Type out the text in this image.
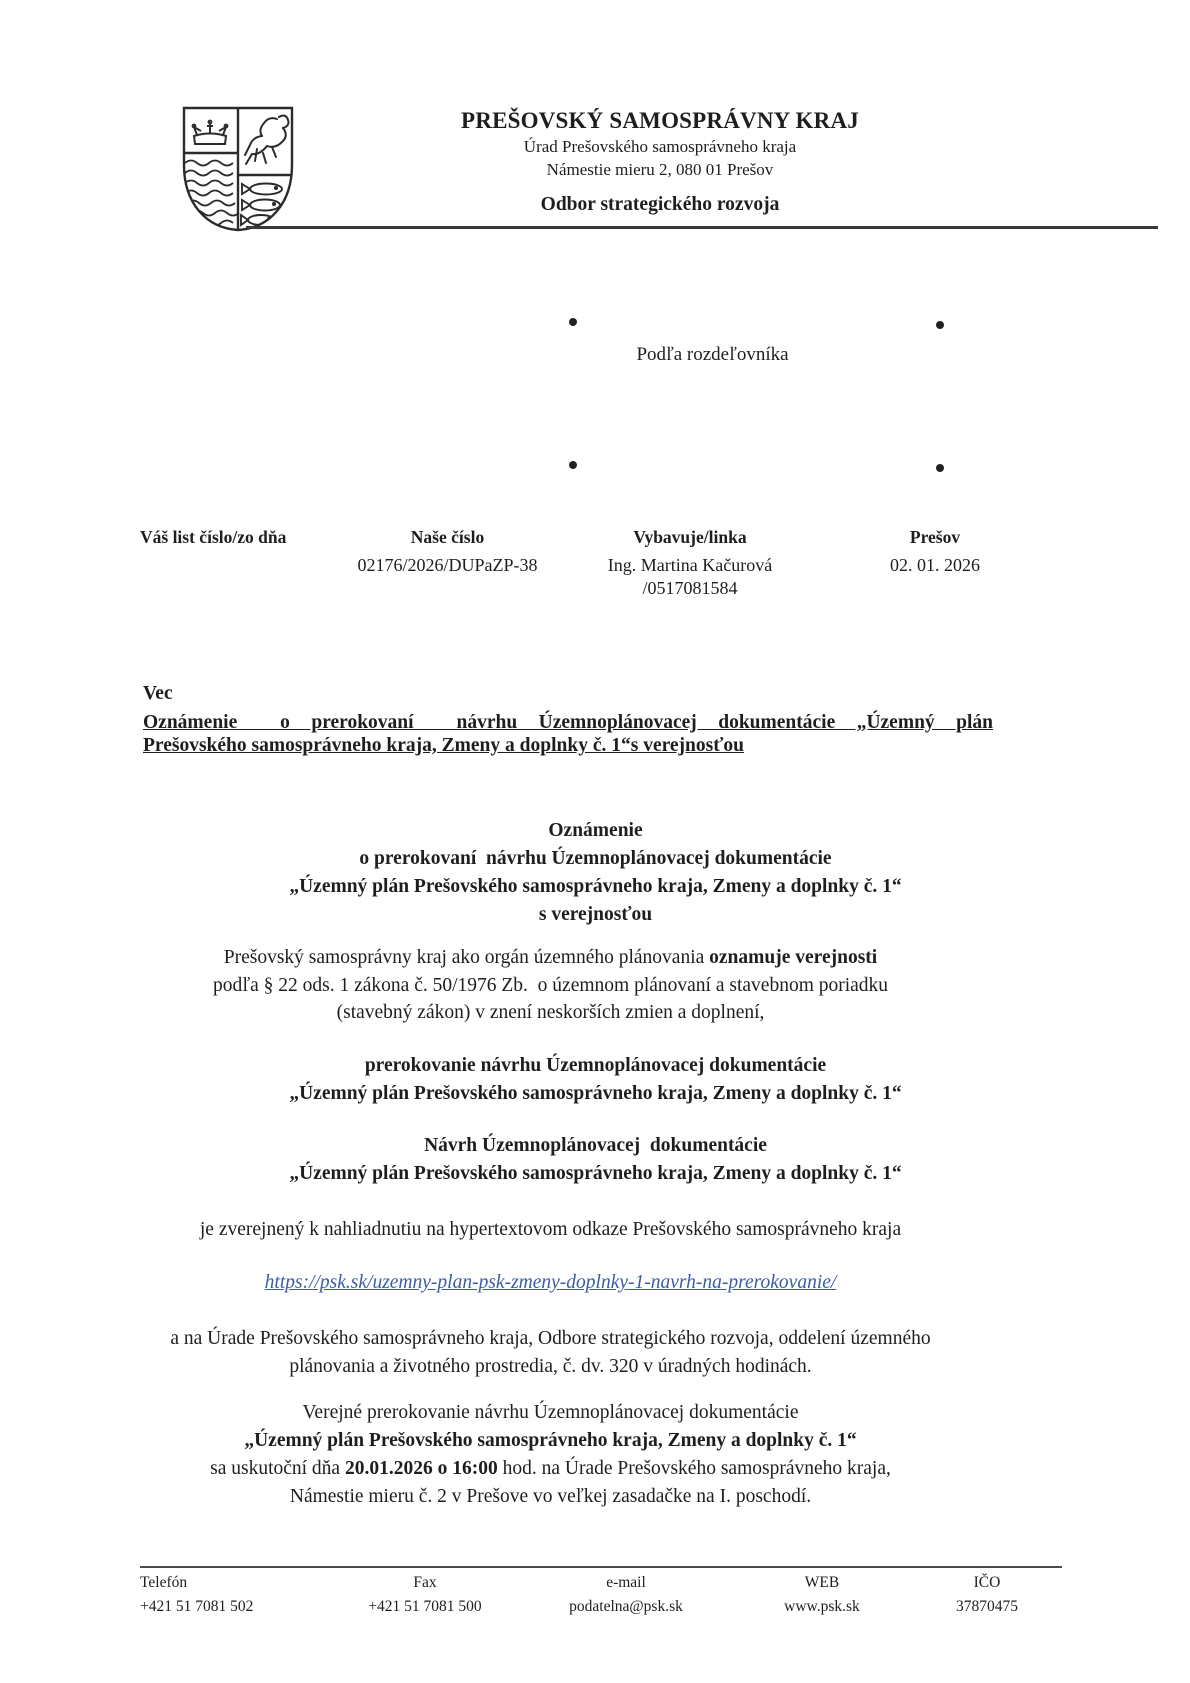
PREŠOVSKÝ SAMOSPRÁVNY KRAJ
Úrad Prešovského samosprávneho kraja
Námestie mieru 2, 080 01 Prešov
Odbor strategického rozvoja
Podľa rozdeľovníka
Váš list číslo/zo dňa	Naše číslo
02176/2026/DUPaZP-38
Vybavuje/linka
Ing. Martina Kačurová
/0517081584
Prešov
02. 01. 2026
Vec
Oznámenie  o prerokovaní  návrhu Územnoplánovacej dokumentácie „Územný plán
Prešovského samosprávneho kraja, Zmeny a doplnky č. 1“s verejnosťou
Oznámenie
o prerokovaní  návrhu Územnoplánovacej dokumentácie
„Územný plán Prešovského samosprávneho kraja, Zmeny a doplnky č. 1“
s verejnosťou
Prešovský samosprávny kraj ako orgán územného plánovania oznamuje verejnosti
podľa § 22 ods. 1 zákona č. 50/1976 Zb.  o územnom plánovaní a stavebnom poriadku
(stavebný zákon) v znení neskorších zmien a doplnení,
prerokovanie návrhu Územnoplánovacej dokumentácie
„Územný plán Prešovského samosprávneho kraja, Zmeny a doplnky č. 1“
Návrh Územnoplánovacej  dokumentácie
„Územný plán Prešovského samosprávneho kraja, Zmeny a doplnky č. 1“
je zverejnený k nahliadnutiu na hypertextovom odkaze Prešovského samosprávneho kraja
https://psk.sk/uzemny-plan-psk-zmeny-doplnky-1-navrh-na-prerokovanie/
a na Úrade Prešovského samosprávneho kraja, Odbore strategického rozvoja, oddelení územného
plánovania a životného prostredia, č. dv. 320 v úradných hodinách.
Verejné prerokovanie návrhu Územnoplánovacej dokumentácie
„Územný plán Prešovského samosprávneho kraja, Zmeny a doplnky č. 1“
sa uskutoční dňa 20.01.2026 o 16:00 hod. na Úrade Prešovského samosprávneho kraja,
Námestie mieru č. 2 v Prešove vo veľkej zasadačke na I. poschodí.
Telefón
+421 51 7081 502
Fax
+421 51 7081 500
e-mail
podatelna@psk.sk
WEB
www.psk.sk
IČO
37870475
